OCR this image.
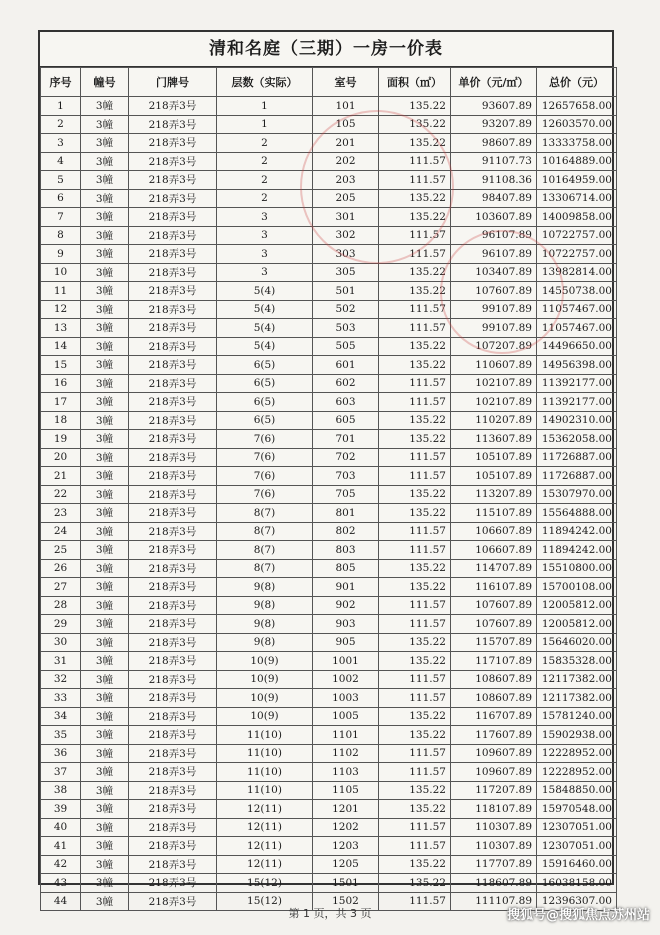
清和名庭（三期）一房一价表
序号	幢号	门牌号	层数（实际）	室号	面积（㎡）	单价（元/㎡）	总价（元）
1	3幢	218弄3号	1	101	135.22	93607.89	12657658.00
2	3幢	218弄3号	1	105	135.22	93207.89	12603570.00
3	3幢	218弄3号	2	201	135.22	98607.89	13333758.00
4	3幢	218弄3号	2	202	111.57	91107.73	10164889.00
5	3幢	218弄3号	2	203	111.57	91108.36	10164959.00
6	3幢	218弄3号	2	205	135.22	98407.89	13306714.00
7	3幢	218弄3号	3	301	135.22	103607.89	14009858.00
8	3幢	218弄3号	3	302	111.57	96107.89	10722757.00
9	3幢	218弄3号	3	303	111.57	96107.89	10722757.00
10	3幢	218弄3号	3	305	135.22	103407.89	13982814.00
11	3幢	218弄3号	5(4)	501	135.22	107607.89	14550738.00
12	3幢	218弄3号	5(4)	502	111.57	99107.89	11057467.00
13	3幢	218弄3号	5(4)	503	111.57	99107.89	11057467.00
14	3幢	218弄3号	5(4)	505	135.22	107207.89	14496650.00
15	3幢	218弄3号	6(5)	601	135.22	110607.89	14956398.00
16	3幢	218弄3号	6(5)	602	111.57	102107.89	11392177.00
17	3幢	218弄3号	6(5)	603	111.57	102107.89	11392177.00
18	3幢	218弄3号	6(5)	605	135.22	110207.89	14902310.00
19	3幢	218弄3号	7(6)	701	135.22	113607.89	15362058.00
20	3幢	218弄3号	7(6)	702	111.57	105107.89	11726887.00
21	3幢	218弄3号	7(6)	703	111.57	105107.89	11726887.00
22	3幢	218弄3号	7(6)	705	135.22	113207.89	15307970.00
23	3幢	218弄3号	8(7)	801	135.22	115107.89	15564888.00
24	3幢	218弄3号	8(7)	802	111.57	106607.89	11894242.00
25	3幢	218弄3号	8(7)	803	111.57	106607.89	11894242.00
26	3幢	218弄3号	8(7)	805	135.22	114707.89	15510800.00
27	3幢	218弄3号	9(8)	901	135.22	116107.89	15700108.00
28	3幢	218弄3号	9(8)	902	111.57	107607.89	12005812.00
29	3幢	218弄3号	9(8)	903	111.57	107607.89	12005812.00
30	3幢	218弄3号	9(8)	905	135.22	115707.89	15646020.00
31	3幢	218弄3号	10(9)	1001	135.22	117107.89	15835328.00
32	3幢	218弄3号	10(9)	1002	111.57	108607.89	12117382.00
33	3幢	218弄3号	10(9)	1003	111.57	108607.89	12117382.00
34	3幢	218弄3号	10(9)	1005	135.22	116707.89	15781240.00
35	3幢	218弄3号	11(10)	1101	135.22	117607.89	15902938.00
36	3幢	218弄3号	11(10)	1102	111.57	109607.89	12228952.00
37	3幢	218弄3号	11(10)	1103	111.57	109607.89	12228952.00
38	3幢	218弄3号	11(10)	1105	135.22	117207.89	15848850.00
39	3幢	218弄3号	12(11)	1201	135.22	118107.89	15970548.00
40	3幢	218弄3号	12(11)	1202	111.57	110307.89	12307051.00
41	3幢	218弄3号	12(11)	1203	111.57	110307.89	12307051.00
42	3幢	218弄3号	12(11)	1205	135.22	117707.89	15916460.00
43	3幢	218弄3号	15(12)	1501	135.22	118607.89	16038158.00
44	3幢	218弄3号	15(12)	1502	111.57	111107.89	12396307.00
第 1 页，共 3 页	搜狐号@搜狐焦点苏州站
